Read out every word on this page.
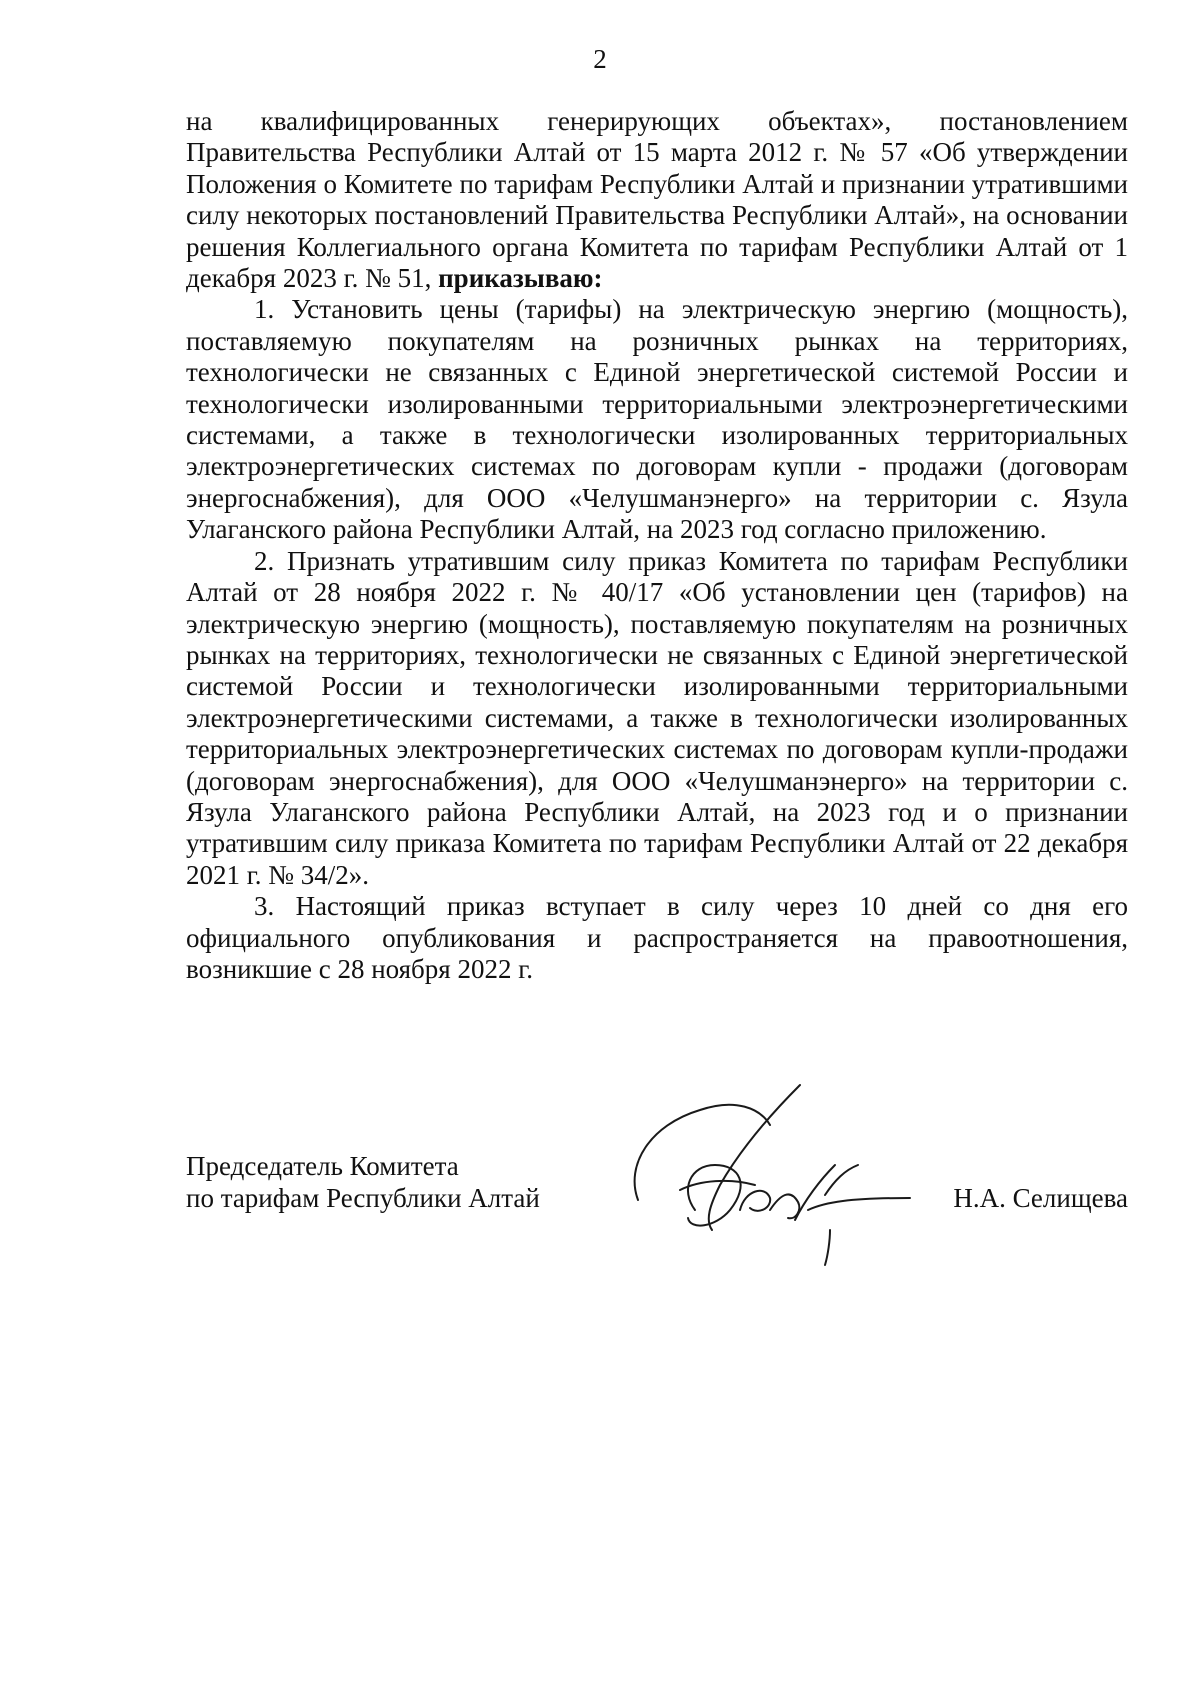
2

на квалифицированных генерирующих объектах», постановлением Правительства Республики Алтай от 15 марта 2012 г. № 57 «Об утверждении Положения о Комитете по тарифам Республики Алтай и признании утратившими силу некоторых постановлений Правительства Республики Алтай», на основании решения Коллегиального органа Комитета по тарифам Республики Алтай от 1 декабря 2023 г. № 51, приказываю:

1. Установить цены (тарифы) на электрическую энергию (мощность), поставляемую покупателям на розничных рынках на территориях, технологически не связанных с Единой энергетической системой России и технологически изолированными территориальными электроэнергетическими системами, а также в технологически изолированных территориальных электроэнергетических системах по договорам купли - продажи (договорам энергоснабжения), для ООО «Челушманэнерго» на территории с. Язула Улаганского района Республики Алтай, на 2023 год согласно приложению.

2. Признать утратившим силу приказ Комитета по тарифам Республики Алтай от 28 ноября 2022 г. № 40/17 «Об установлении цен (тарифов) на электрическую энергию (мощность), поставляемую покупателям на розничных рынках на территориях, технологически не связанных с Единой энергетической системой России и технологически изолированными территориальными электроэнергетическими системами, а также в технологически изолированных территориальных электроэнергетических системах по договорам купли-продажи (договорам энергоснабжения), для ООО «Челушманэнерго» на территории с. Язула Улаганского района Республики Алтай, на 2023 год и о признании утратившим силу приказа Комитета по тарифам Республики Алтай от 22 декабря 2021 г. № 34/2».

3. Настоящий приказ вступает в силу через 10 дней со дня его официального опубликования и распространяется на правоотношения, возникшие с 28 ноября 2022 г.

Председатель Комитета
по тарифам Республики Алтай	Н.А. Селищева
